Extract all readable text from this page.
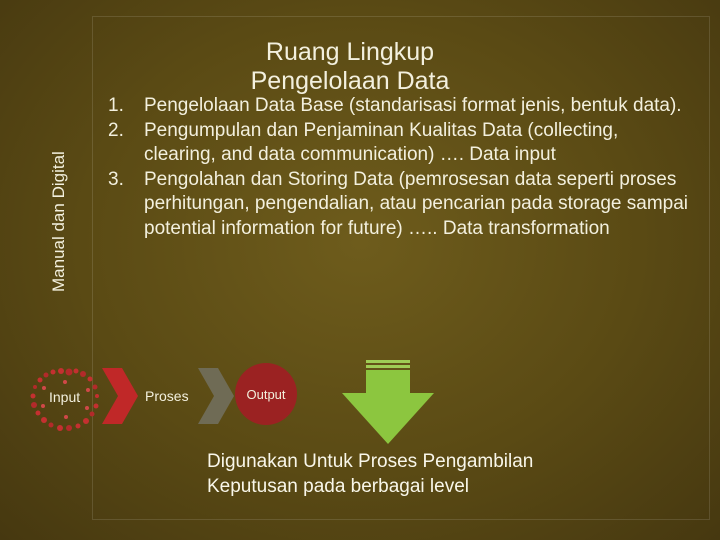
Manual dan Digital
Ruang Lingkup Pengelolaan Data
1. Pengelolaan Data Base (standarisasi format jenis, bentuk data).
2. Pengumpulan dan Penjaminan Kualitas Data (collecting, clearing, and data communication) …. Data input
3. Pengolahan dan Storing Data (pemrosesan data seperti proses perhitungan, pengendalian, atau pencarian pada storage sampai potential information for future) ….. Data transformation
Input	Proses	Output
Digunakan Untuk Proses Pengambilan Keputusan pada berbagai level
